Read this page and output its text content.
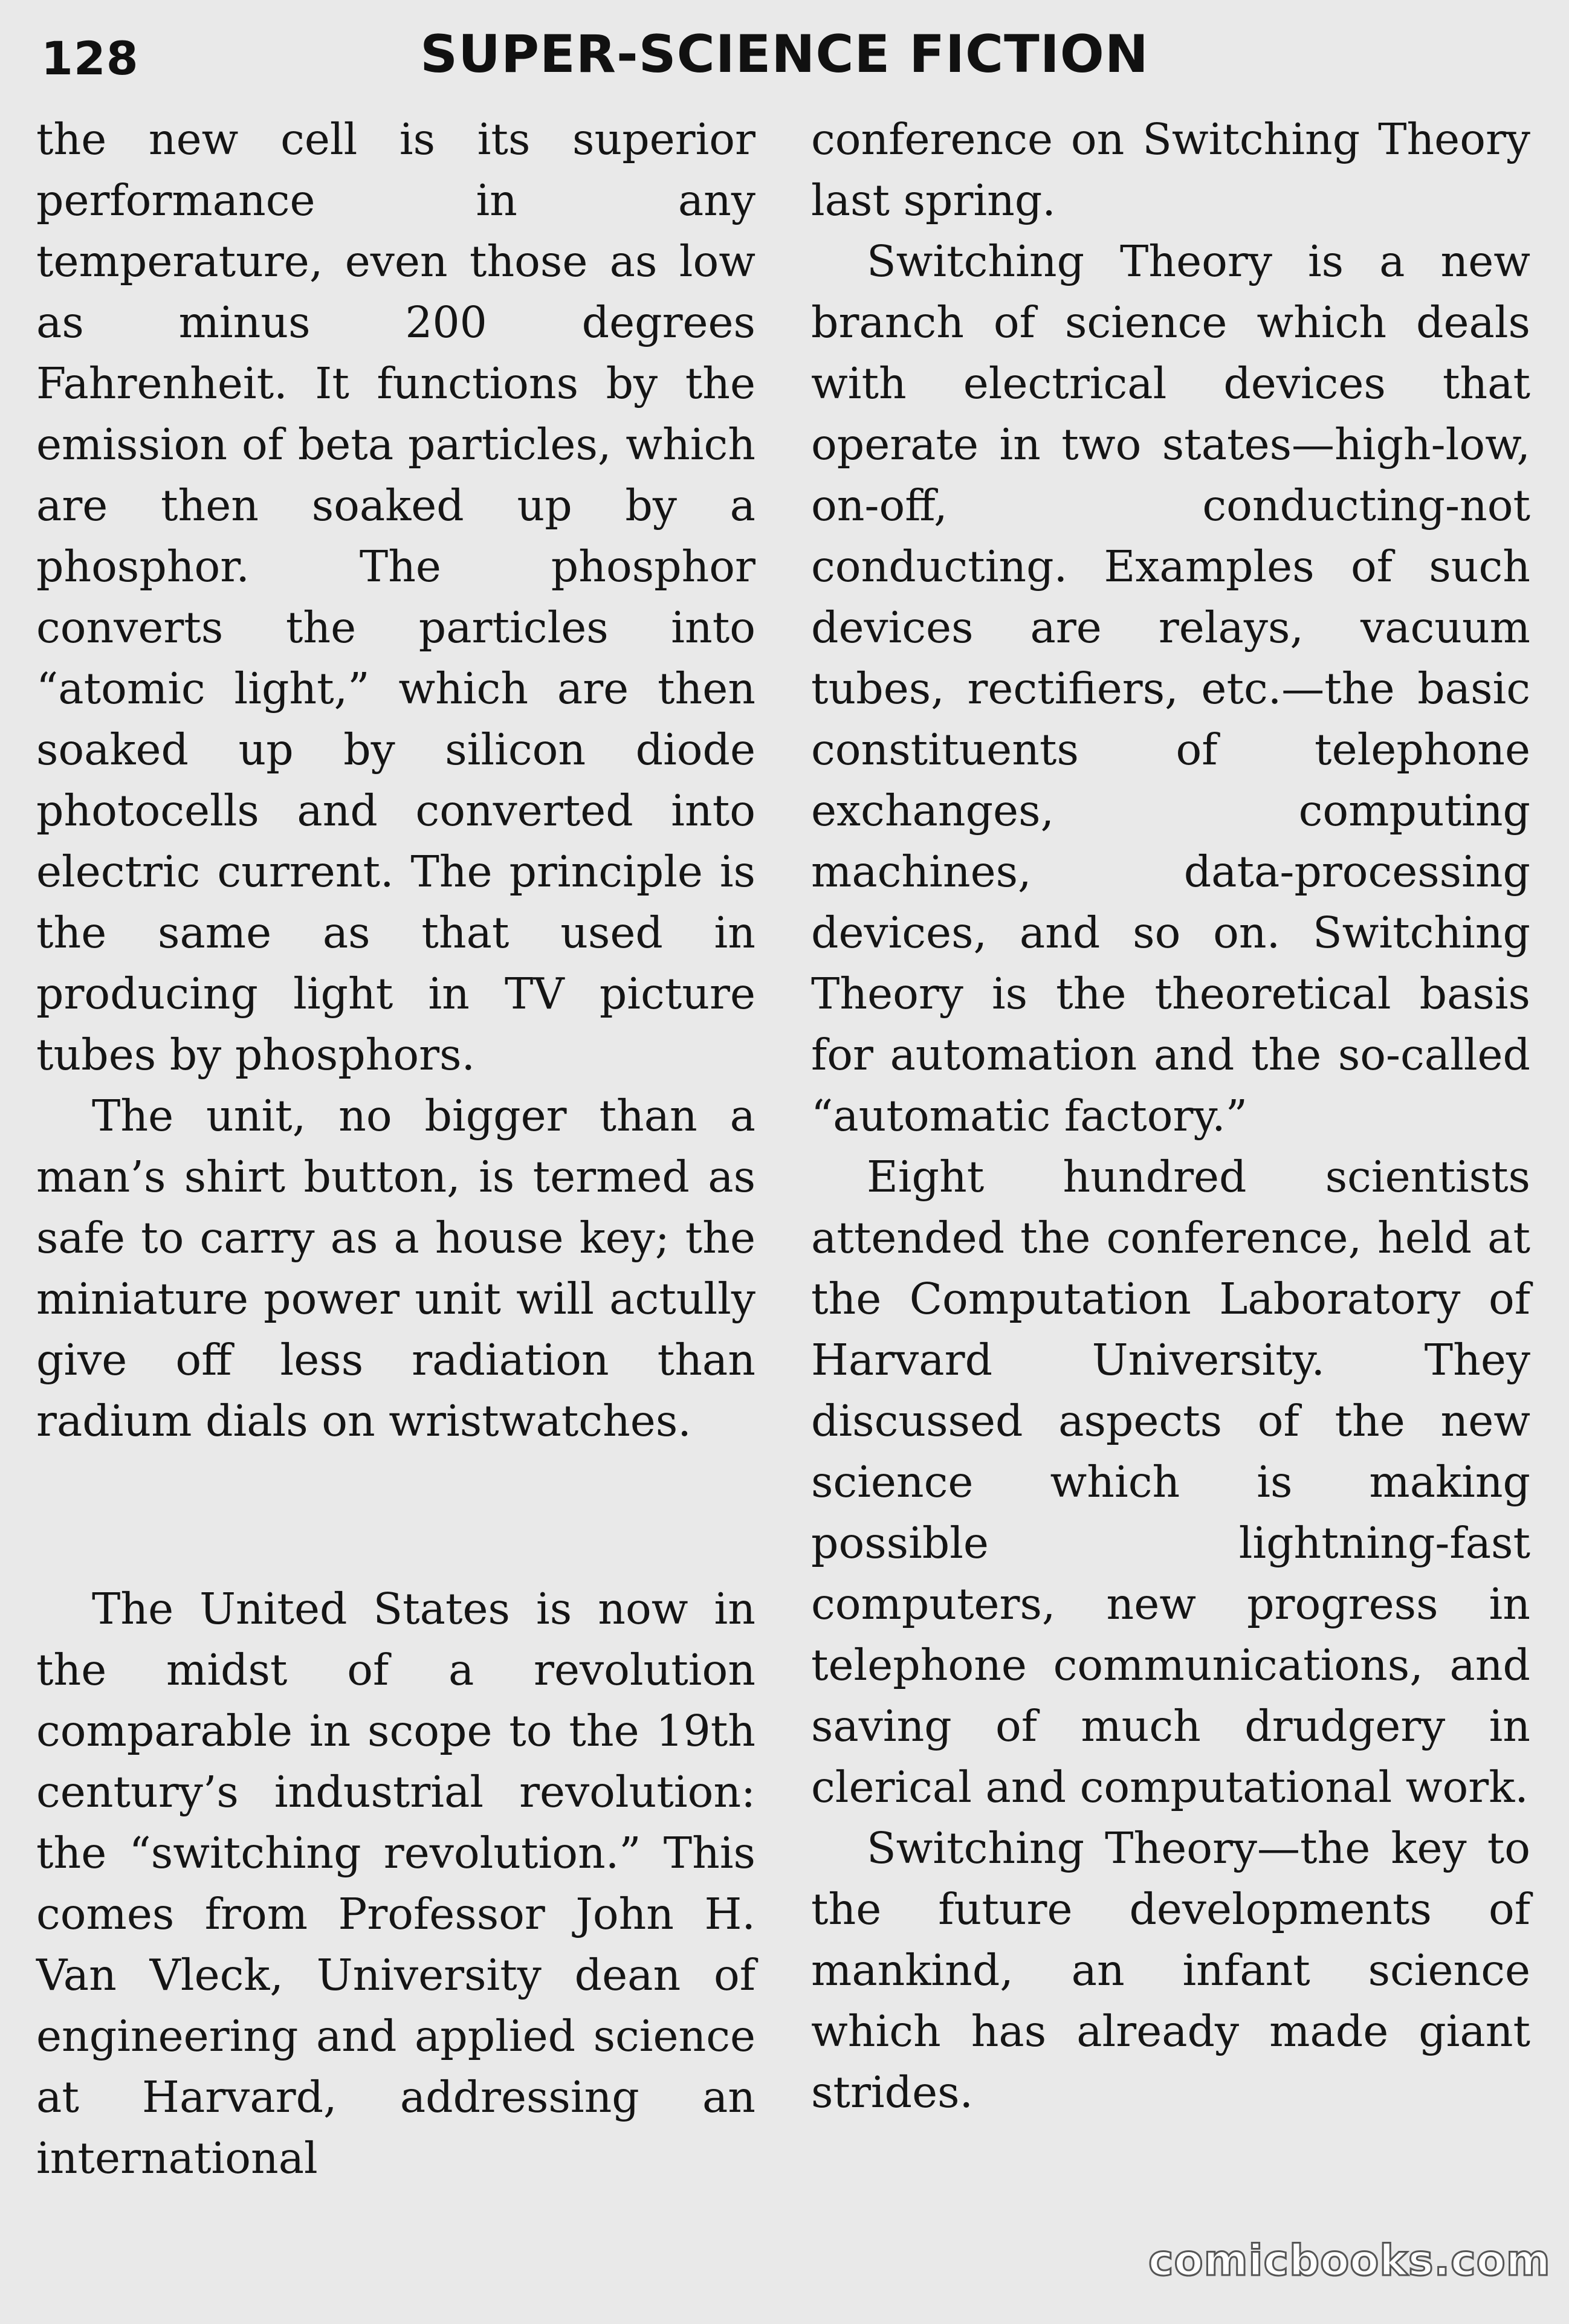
128	SUPER-SCIENCE FICTION

the new cell is its superior performance in any temperature, even those as low as minus 200 degrees Fahrenheit. It functions by the emission of beta particles, which are then soaked up by a phosphor. The phosphor converts the particles into “atomic light,” which are then soaked up by silicon diode photocells and converted into electric current. The principle is the same as that used in producing light in TV picture tubes by phosphors.

The unit, no bigger than a man’s shirt button, is termed as safe to carry as a house key; the miniature power unit will actully give off less radiation than radium dials on wristwatches.

The United States is now in the midst of a revolution comparable in scope to the 19th century’s industrial revolution: the “switching revolution.” This comes from Professor John H. Van Vleck, University dean of engineering and applied science at Harvard, addressing an international

conference on Switching Theory last spring.

Switching Theory is a new branch of science which deals with electrical devices that operate in two states—high-low, on-off, conducting-not conducting. Examples of such devices are relays, vacuum tubes, rectifiers, etc.—the basic constituents of telephone exchanges, computing machines, data-processing devices, and so on. Switching Theory is the theoretical basis for automation and the so-called “automatic factory.”

Eight hundred scientists attended the conference, held at the Computation Laboratory of Harvard University. They discussed aspects of the new science which is making possible lightning-fast computers, new progress in telephone communications, and saving of much drudgery in clerical and computational work.

Switching Theory—the key to the future developments of mankind, an infant science which has already made giant strides.

comicbooks.com
